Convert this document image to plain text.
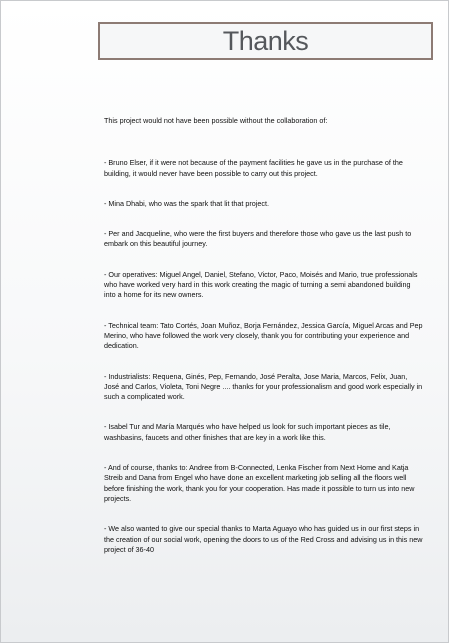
Thanks

This project would not have been possible without the collaboration of:

- Bruno Elser, if it were not because of the payment facilities he gave us in the purchase of the building, it would never have been possible to carry out this project.

- Mina Dhabi, who was the spark that lit that project.

- Per and Jacqueline, who were the first buyers and therefore those who gave us the last push to embark on this beautiful journey.

- Our operatives: Miguel Angel, Daniel, Stefano, Victor, Paco, Moisés and Mario, true professionals who have worked very hard in this work creating the magic of turning a semi abandoned building into a home for its new owners.

- Technical team: Tato Cortés, Joan Muñoz, Borja Fernández, Jessica García, Miguel Arcas and Pep Merino, who have followed the work very closely, thank you for contributing your experience and dedication.

- Industrialists: Requena, Ginés, Pep, Fernando, José Peralta, Jose Maria, Marcos, Felix, Juan, José and Carlos, Violeta, Toni Negre .... thanks for your professionalism and good work especially in such a complicated work.

- Isabel Tur and María Marqués who have helped us look for such important pieces as tile, washbasins, faucets and other finishes that are key in a work like this.

- And of course, thanks to: Andree from B-Connected, Lenka Fischer from Next Home and Katja Streib and Dana from Engel who have done an excellent marketing job selling all the floors well before finishing the work, thank you for your cooperation. Has made it possible to turn us into new projects.

- We also wanted to give our special thanks to Marta Aguayo who has guided us in our first steps in the creation of our social work, opening the doors to us of the Red Cross and advising us in this new project of 36-40
